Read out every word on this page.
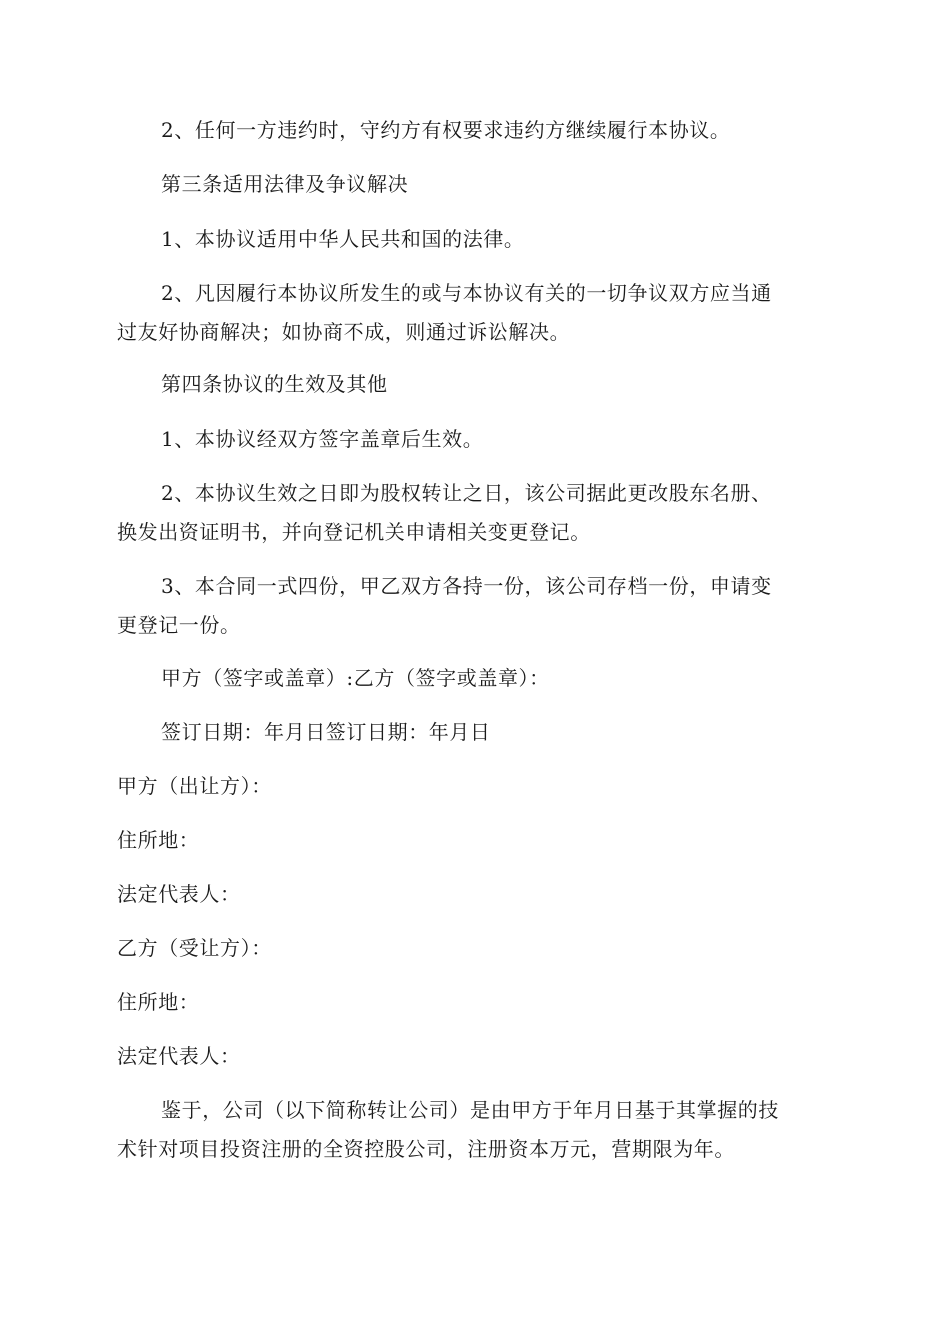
2、任何一方违约时，守约方有权要求违约方继续履行本协议。
第三条适用法律及争议解决
1、本协议适用中华人民共和国的法律。
2、凡因履行本协议所发生的或与本协议有关的一切争议双方应当通
过友好协商解决；如协商不成，则通过诉讼解决。
第四条协议的生效及其他
1、本协议经双方签字盖章后生效。
2、本协议生效之日即为股权转让之日，该公司据此更改股东名册、
换发出资证明书，并向登记机关申请相关变更登记。
3、本合同一式四份，甲乙双方各持一份，该公司存档一份，申请变
更登记一份。
甲方（签字或盖章）:乙方（签字或盖章）：
签订日期：年月日签订日期：年月日
甲方（出让方）：
住所地：
法定代表人：
乙方（受让方）：
住所地：
法定代表人：
鉴于，公司（以下简称转让公司）是由甲方于年月日基于其掌握的技
术针对项目投资注册的全资控股公司，注册资本万元，营期限为年。
